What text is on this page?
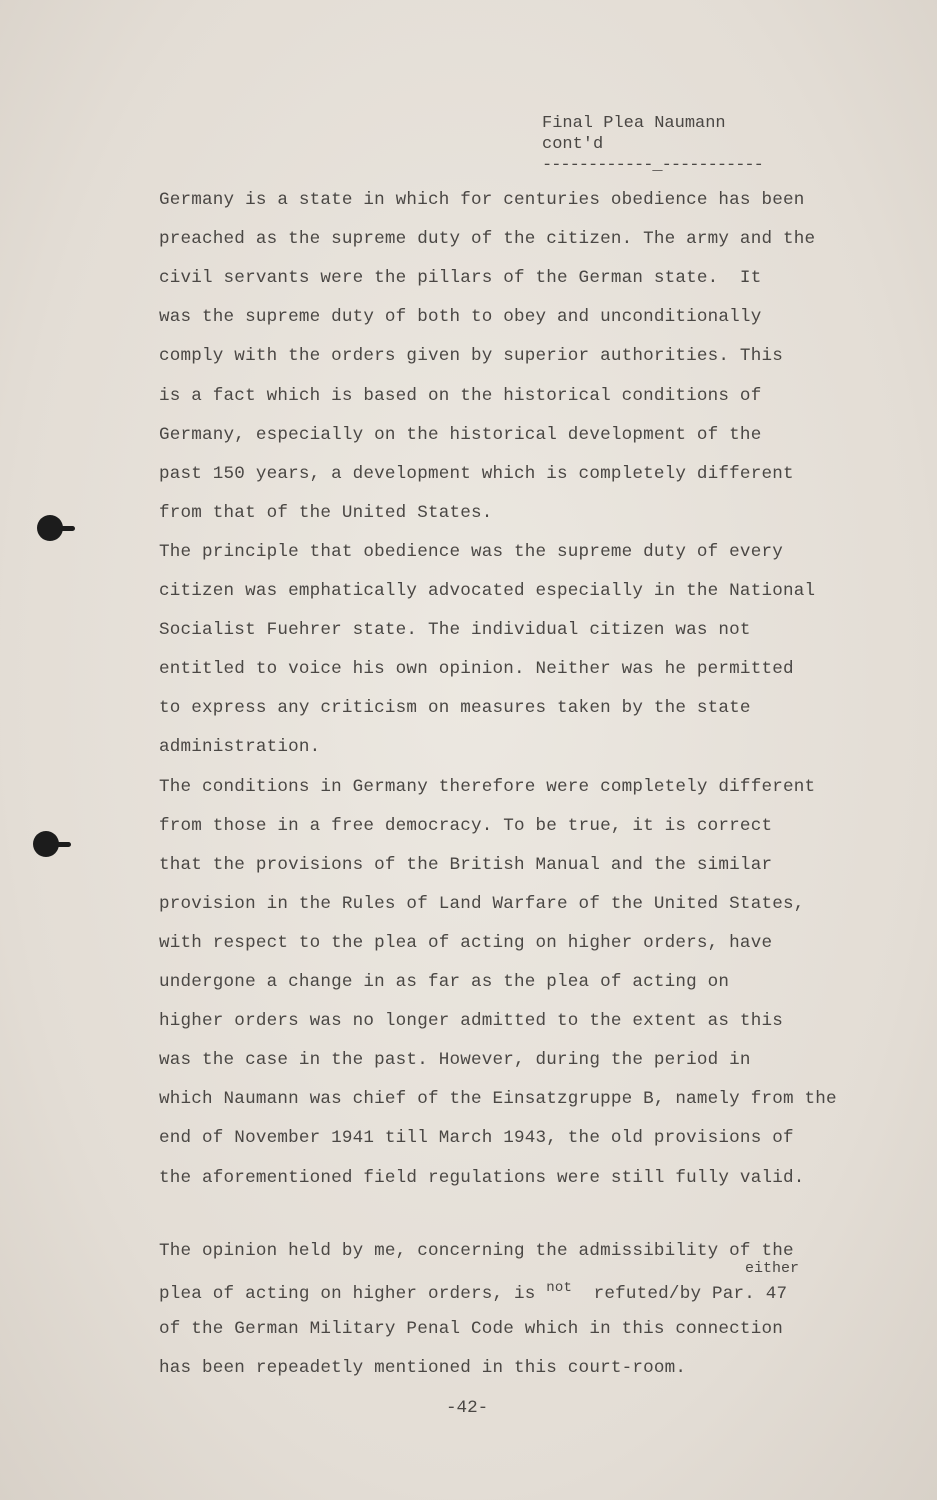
Final Plea Naumann
cont'd
------------_-----------
Germany is a state in which for centuries obedience has been
preached as the supreme duty of the citizen. The army and the
civil servants were the pillars of the German state.  It
was the supreme duty of both to obey and unconditionally
comply with the orders given by superior authorities. This
is a fact which is based on the historical conditions of
Germany, especially on the historical development of the
past 150 years, a development which is completely different
from that of the United States.
The principle that obedience was the supreme duty of every
citizen was emphatically advocated especially in the National
Socialist Fuehrer state. The individual citizen was not
entitled to voice his own opinion. Neither was he permitted
to express any criticism on measures taken by the state
administration.
The conditions in Germany therefore were completely different
from those in a free democracy. To be true, it is correct
that the provisions of the British Manual and the similar
provision in the Rules of Land Warfare of the United States,
with respect to the plea of acting on higher orders, have
undergone a change in as far as the plea of acting on
higher orders was no longer admitted to the extent as this
was the case in the past. However, during the period in
which Naumann was chief of the Einsatzgruppe B, namely from the
end of November 1941 till March 1943, the old provisions of
the aforementioned field regulations were still fully valid.
The opinion held by me, concerning the admissibility of the
either
plea of acting on higher orders, is $^{not}$  refuted/by Par. 47
of the German Military Penal Code which in this connection
has been repeadetly mentioned in this court-room.
-42-
